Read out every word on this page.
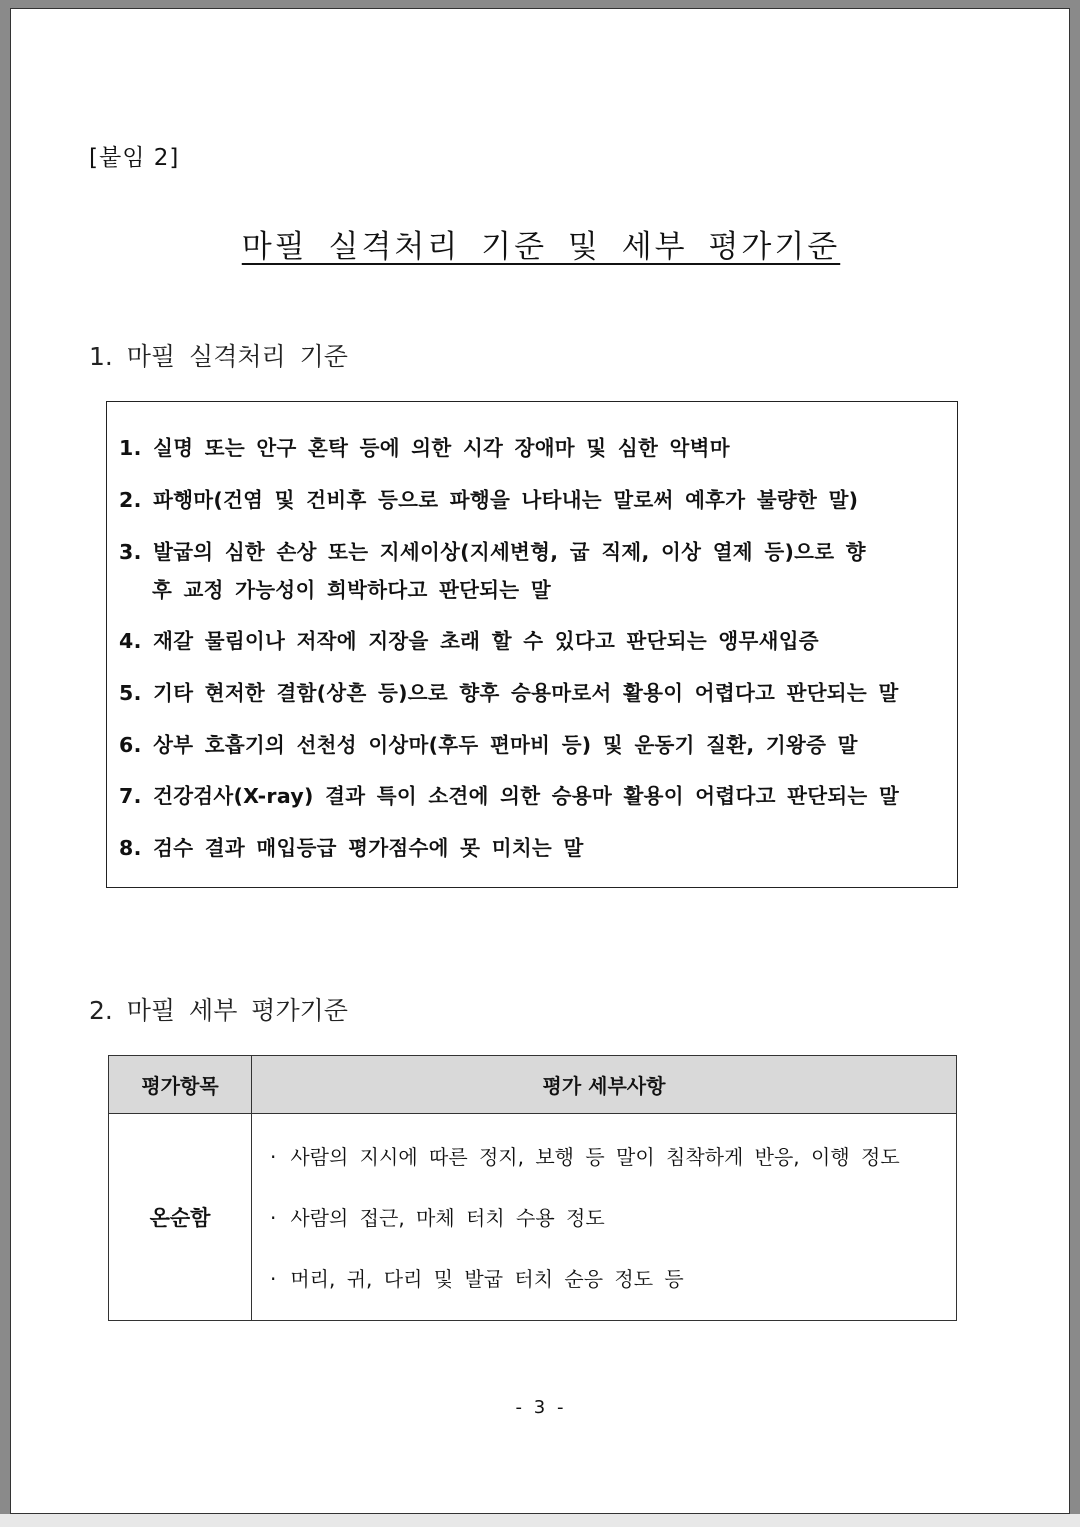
[붙임 2]
마필 실격처리 기준 및 세부 평가기준
1. 마필 실격처리 기준
1. 실명 또는 안구 혼탁 등에 의한 시각 장애마 및 심한 악벽마
2. 파행마(건염 및 건비후 등으로 파행을 나타내는 말로써 예후가 불량한 말)
3. 발굽의 심한 손상 또는 지세이상(지세변형, 굽 직제, 이상 열제 등)으로 향
후 교정 가능성이 희박하다고 판단되는 말
4. 재갈 물림이나 저작에 지장을 초래 할 수 있다고 판단되는 앵무새입증
5. 기타 현저한 결함(상흔 등)으로 향후 승용마로서 활용이 어렵다고 판단되는 말
6. 상부 호흡기의 선천성 이상마(후두 편마비 등) 및 운동기 질환, 기왕증 말
7. 건강검사(X-ray) 결과 특이 소견에 의한 승용마 활용이 어렵다고 판단되는 말
8. 검수 결과 매입등급 평가점수에 못 미치는 말
2. 마필 세부 평가기준
평가항목	평가 세부사항
온순함	· 사람의 지시에 따른 정지, 보행 등 말이 침착하게 반응, 이행 정도
· 사람의 접근, 마체 터치 수용 정도
· 머리, 귀, 다리 및 발굽 터치 순응 정도 등
- 3 -
